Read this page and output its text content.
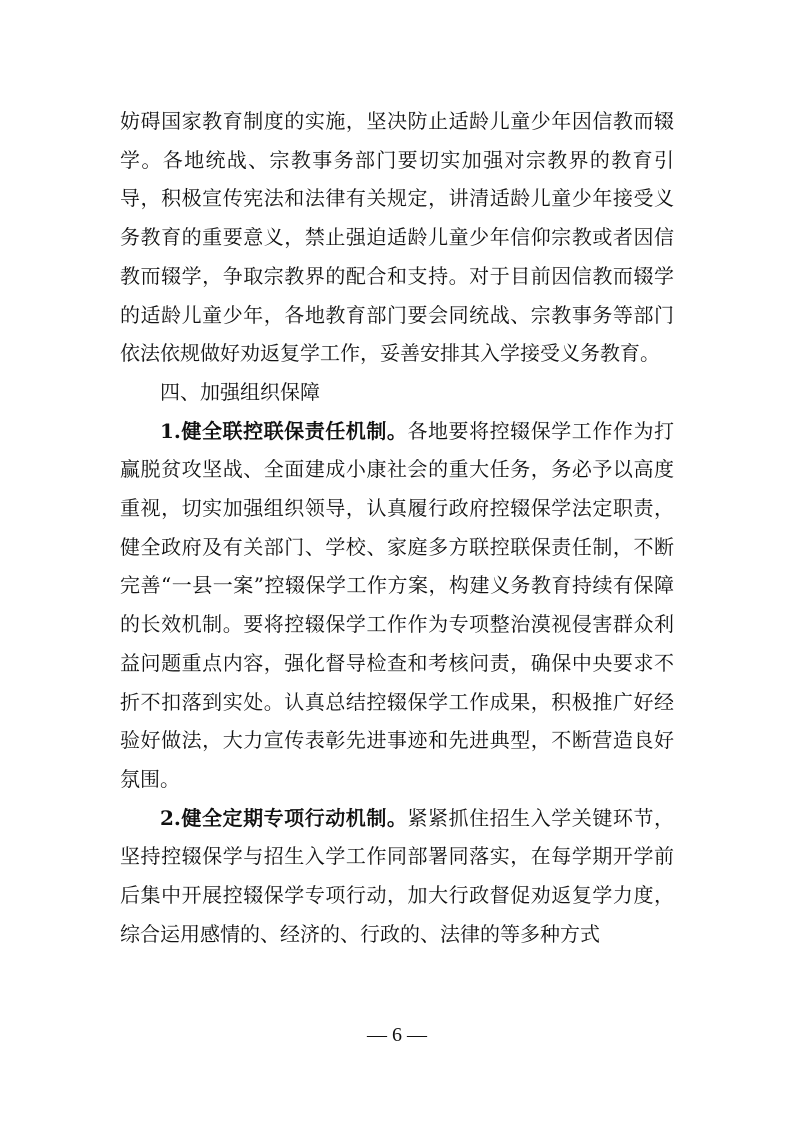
妨碍国家教育制度的实施，坚决防止适龄儿童少年因信教而辍学。各地统战、宗教事务部门要切实加强对宗教界的教育引导，积极宣传宪法和法律有关规定，讲清适龄儿童少年接受义务教育的重要意义，禁止强迫适龄儿童少年信仰宗教或者因信教而辍学，争取宗教界的配合和支持。对于目前因信教而辍学的适龄儿童少年，各地教育部门要会同统战、宗教事务等部门依法依规做好劝返复学工作，妥善安排其入学接受义务教育。

四、加强组织保障

1.健全联控联保责任机制。各地要将控辍保学工作作为打赢脱贫攻坚战、全面建成小康社会的重大任务，务必予以高度重视，切实加强组织领导，认真履行政府控辍保学法定职责，健全政府及有关部门、学校、家庭多方联控联保责任制，不断完善“一县一案”控辍保学工作方案，构建义务教育持续有保障的长效机制。要将控辍保学工作作为专项整治漠视侵害群众利益问题重点内容，强化督导检查和考核问责，确保中央要求不折不扣落到实处。认真总结控辍保学工作成果，积极推广好经验好做法，大力宣传表彰先进事迹和先进典型，不断营造良好氛围。

2.健全定期专项行动机制。紧紧抓住招生入学关键环节，坚持控辍保学与招生入学工作同部署同落实，在每学期开学前后集中开展控辍保学专项行动，加大行政督促劝返复学力度，综合运用感情的、经济的、行政的、法律的等多种方式

— 6 —
